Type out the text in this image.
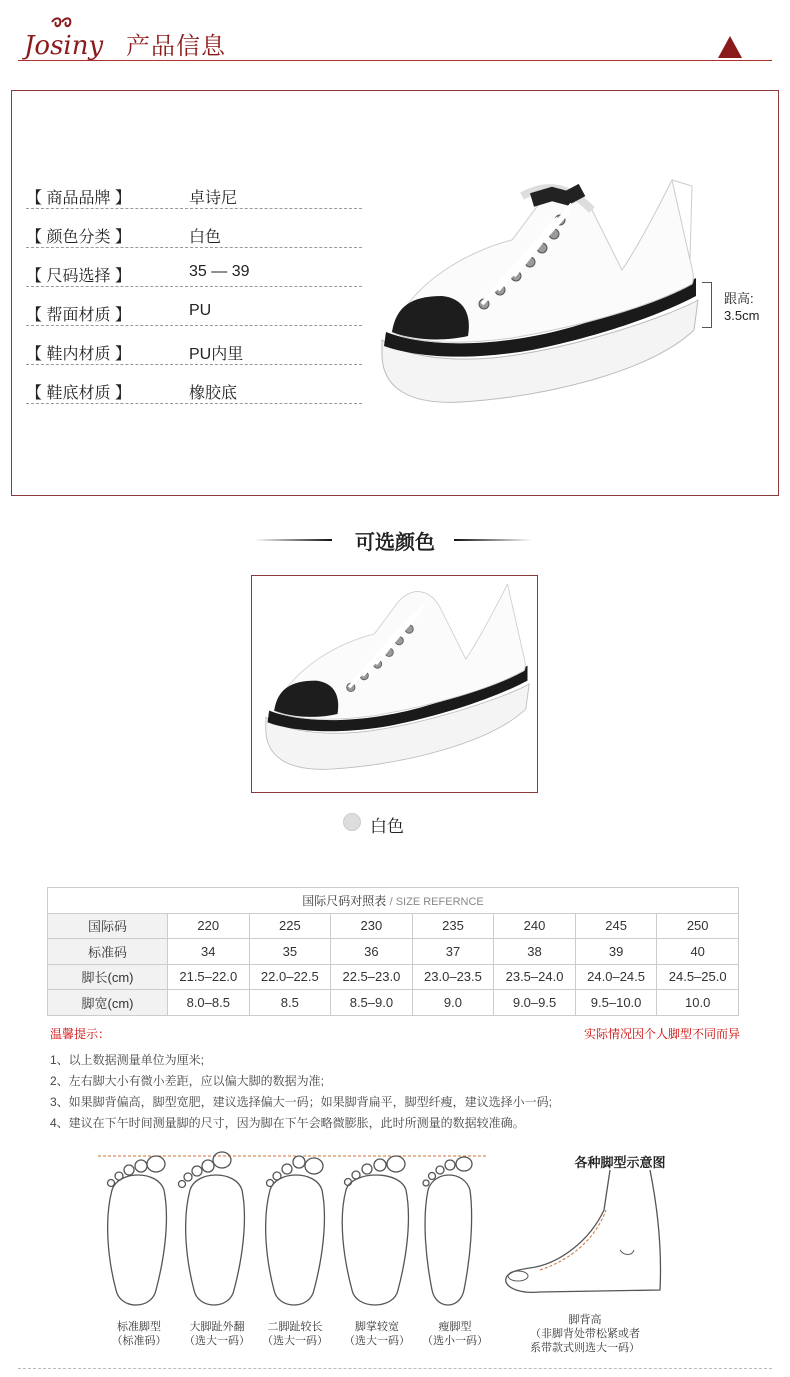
Josiny 产品信息
【 商品品牌 】	卓诗尼
【 颜色分类 】	白色
【 尺码选择 】	35 — 39
【 帮面材质 】	PU
【 鞋内材质 】	PU内里
【 鞋底材质 】	橡胶底
跟高:
3.5cm
可选颜色
白色
国际尺码对照表 / SIZE REFERNCE							
国际码	220	225	230	235	240	245	250
标准码	34	35	36	37	38	39	40
脚长(cm)	21.5–22.0	22.0–22.5	22.5–23.0	23.0–23.5	23.5–24.0	24.0–24.5	24.5–25.0
脚宽(cm)	8.0–8.5	8.5	8.5–9.0	9.0	9.0–9.5	9.5–10.0	10.0
温馨提示：	实际情况因个人脚型不同而异
1、以上数据测量单位为厘米;
2、左右脚大小有微小差距，应以偏大脚的数据为准;
3、如果脚背偏高，脚型宽肥，建议选择偏大一码；如果脚背扁平，脚型纤瘦，建议选择小一码;
4、建议在下午时间测量脚的尺寸，因为脚在下午会略微膨胀，此时所测量的数据较准确。
标准脚型
（标准码）
大脚趾外翻
（选大一码）
二脚趾较长
（选大一码）
脚掌较宽
（选大一码）
瘦脚型
（选小一码）
各种脚型示意图
脚背高
（非脚背处带松紧或者
系带款式则选大一码）
